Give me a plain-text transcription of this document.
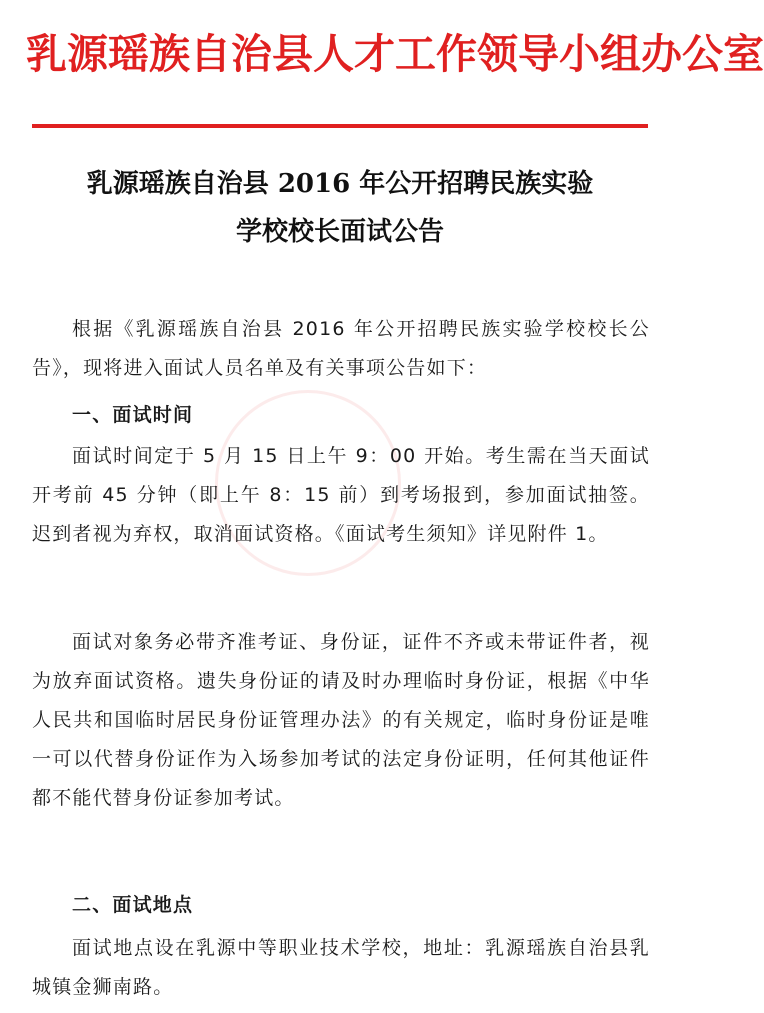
乳源瑶族自治县人才工作领导小组办公室
乳源瑶族自治县 2016 年公开招聘民族实验
学校校长面试公告

根据《乳源瑶族自治县 2016 年公开招聘民族实验学校校长公告》，现将进入面试人员名单及有关事项公告如下：

一、面试时间

面试时间定于 5 月 15 日上午 9：00 开始。考生需在当天面试开考前 45 分钟（即上午 8：15 前）到考场报到，参加面试抽签。迟到者视为弃权，取消面试资格。《面试考生须知》详见附件 1。

面试对象务必带齐准考证、身份证，证件不齐或未带证件者，视为放弃面试资格。遗失身份证的请及时办理临时身份证，根据《中华人民共和国临时居民身份证管理办法》的有关规定，临时身份证是唯一可以代替身份证作为入场参加考试的法定身份证明，任何其他证件都不能代替身份证参加考试。

二、面试地点

面试地点设在乳源中等职业技术学校，地址：乳源瑶族自治县乳城镇金狮南路。
